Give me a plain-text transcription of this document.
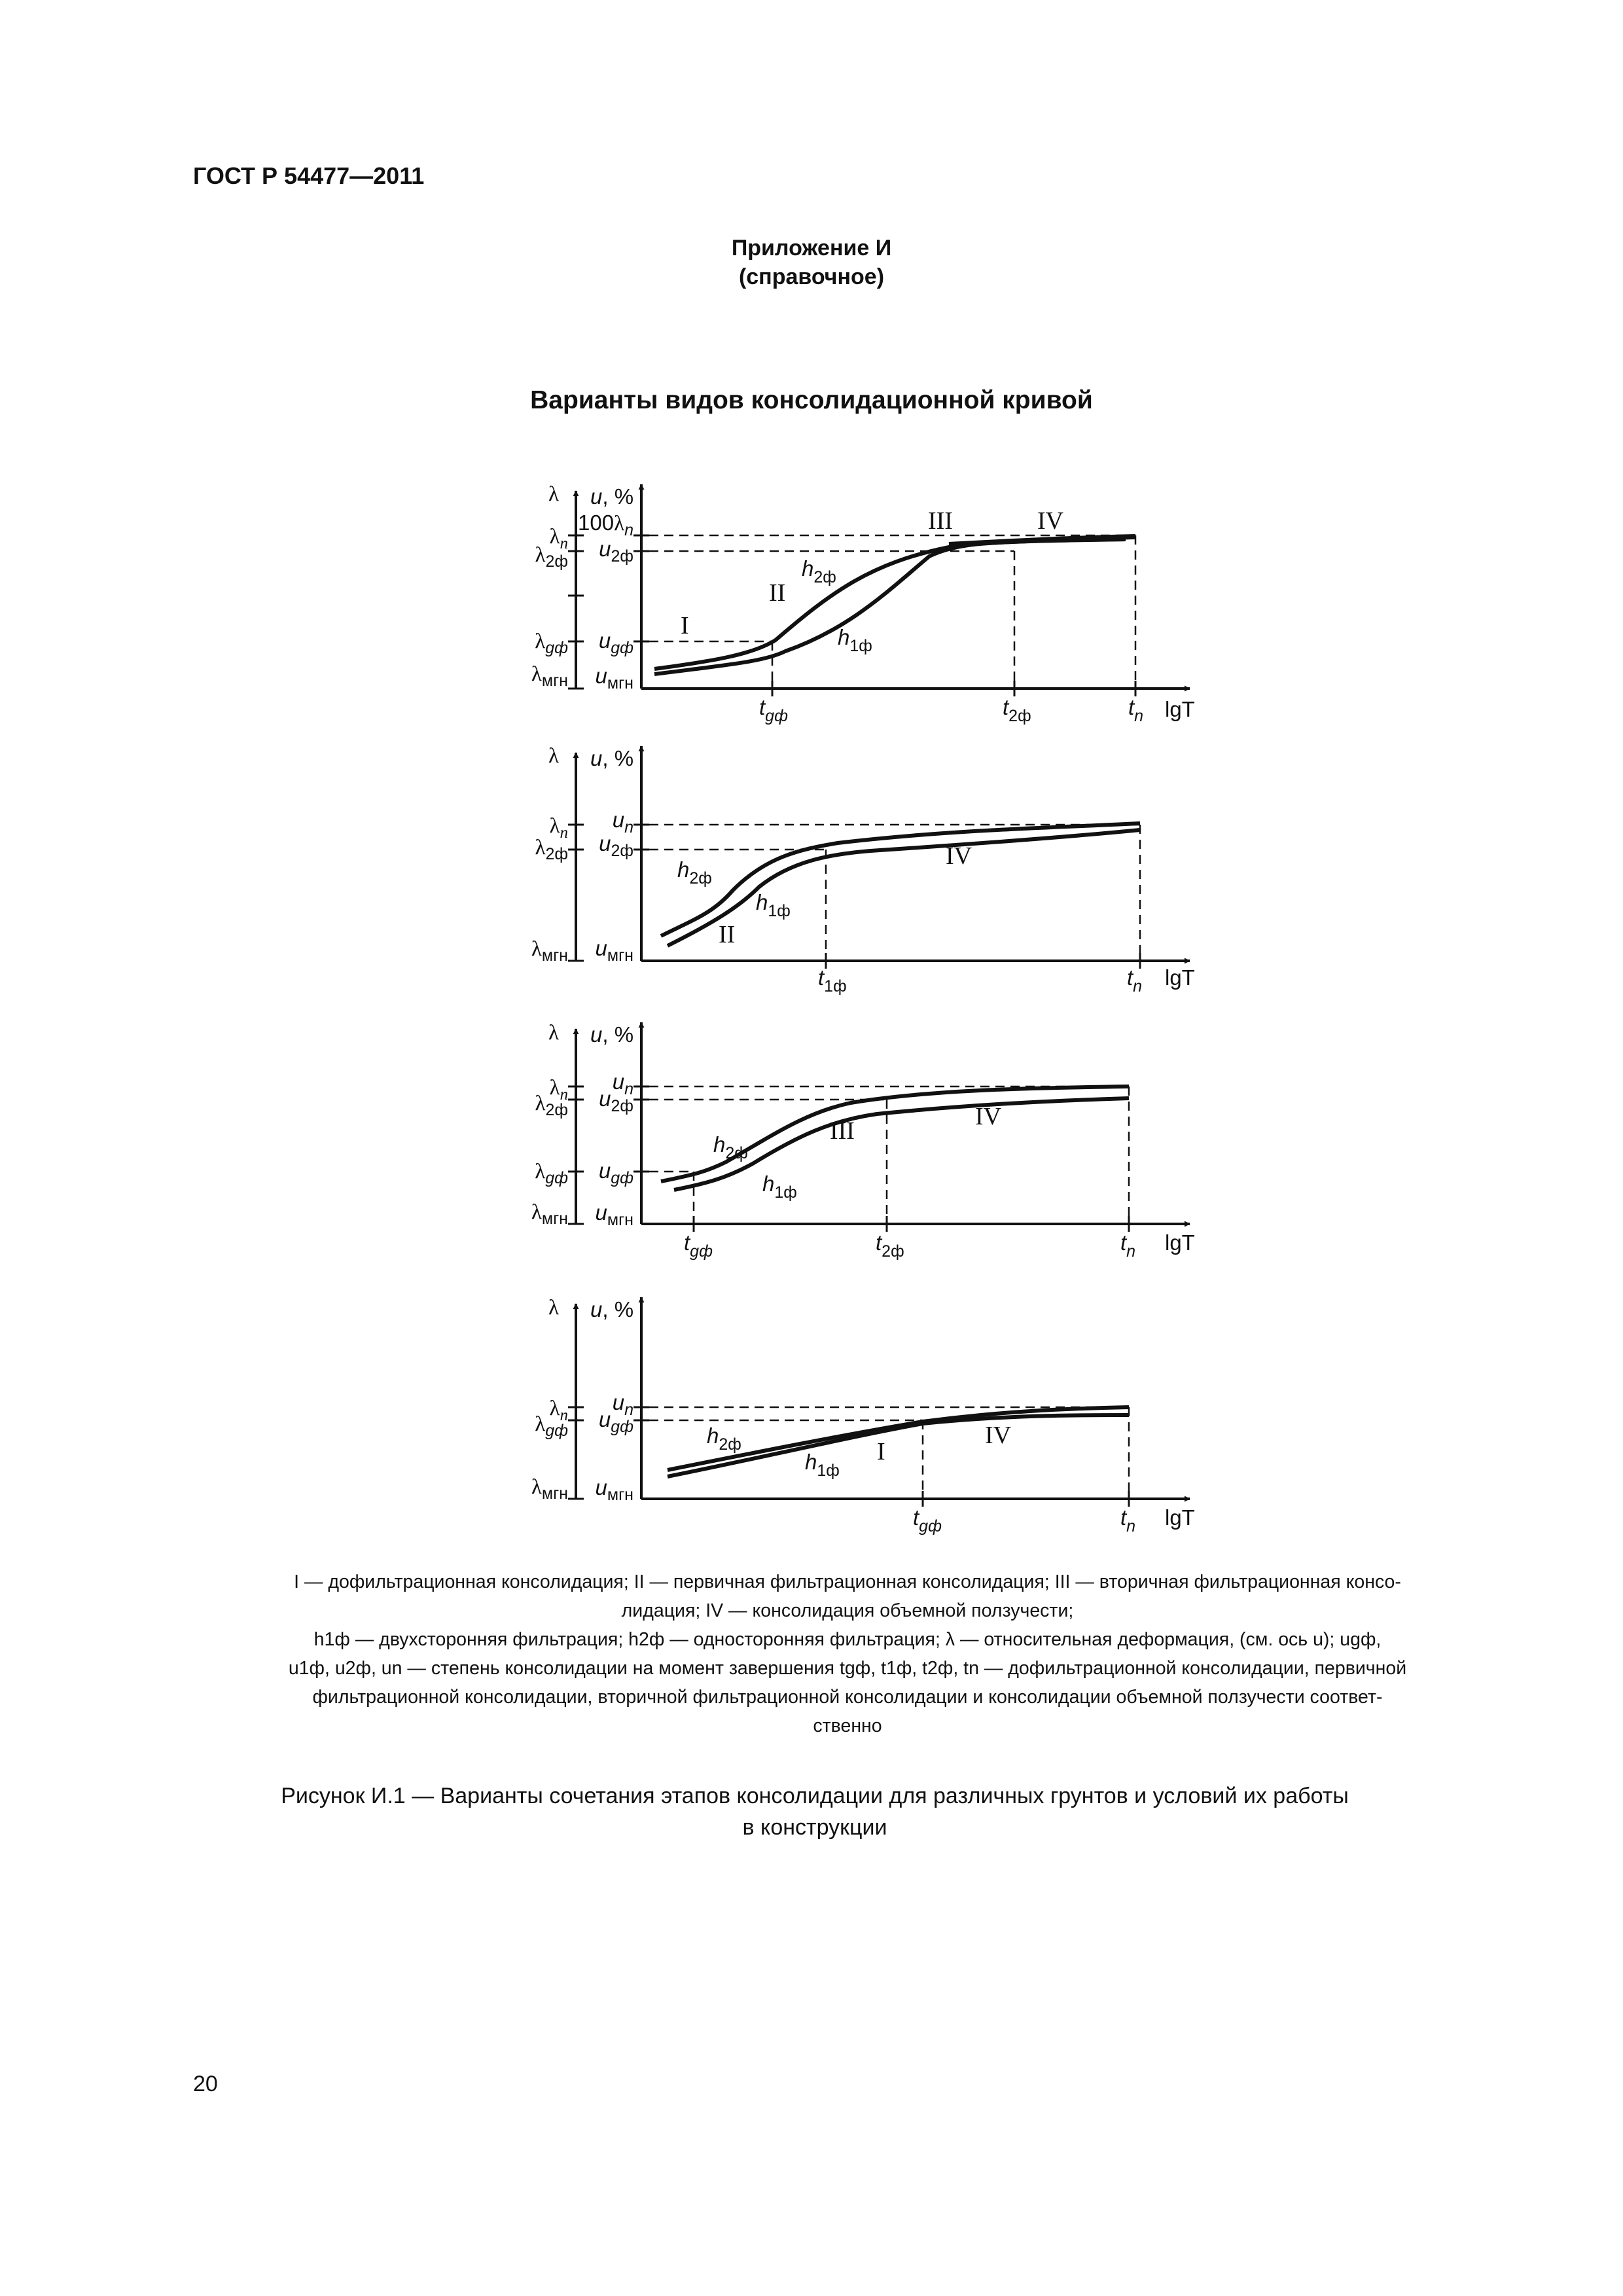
ГОСТ Р 54477—2011
Приложение И
(справочное)
Варианты видов консолидационной кривой
λ u, %
$\lambda_n$
$\lambda_{2ф}$
$\lambda_{gф}$
$\lambda_{мгн}$
$100\lambda_n$
$u_{2ф}$
$u_{gф}$
$u_{мгн}$
$t_{gф}$	$t_{2ф}$	$t_n$ lgT
$h_{2ф}$
$h_{1ф}$
I
II
III	IV
λ u, %
$\lambda_n$
$\lambda_{2ф}$
$\lambda_{мгн}$
$u_n$
$u_{2ф}$
$u_{мгн}$
$t_{1ф}$	$t_n$ lgT
$h_{2ф}$
$h_{1ф}$
II
IV
λ u, %
$\lambda_n$
$\lambda_{2ф}$
$\lambda_{gф}$
$\lambda_{мгн}$
$u_n$
$u_{2ф}$
$u_{gф}$
$u_{мгн}$
$t_{gф}$	$t_{2ф}$	$t_n$ lgT
$h_{2ф}$
$h_{1ф}$
III
IV
λ u, %
$\lambda_n$
$\lambda_{gф}$
$\lambda_{мгн}$
$u_n$
$u_{gф}$
$u_{мгн}$
$t_{gф}$	$t_n$ lgT
$h_{2ф}$
$h_{1ф}$
I
IV

I — дофильтрационная консолидация; II — первичная фильтрационная консолидация; III — вторичная фильтрационная консо-

лидация; IV — консолидация объемной ползучести;

h1ф — двухсторонняя фильтрация; h2ф — односторонняя фильтрация; λ — относительная деформация, (см. ось u); ugф,

u1ф, u2ф, un — степень консолидации на момент завершения tgф, t1ф, t2ф, tn — дофильтрационной консолидации, первичной

фильтрационной консолидации, вторичной фильтрационной консолидации и консолидации объемной ползучести соответ-

ственно

Рисунок И.1 — Варианты сочетания этапов консолидации для различных грунтов и условий их работы
в конструкции
20
